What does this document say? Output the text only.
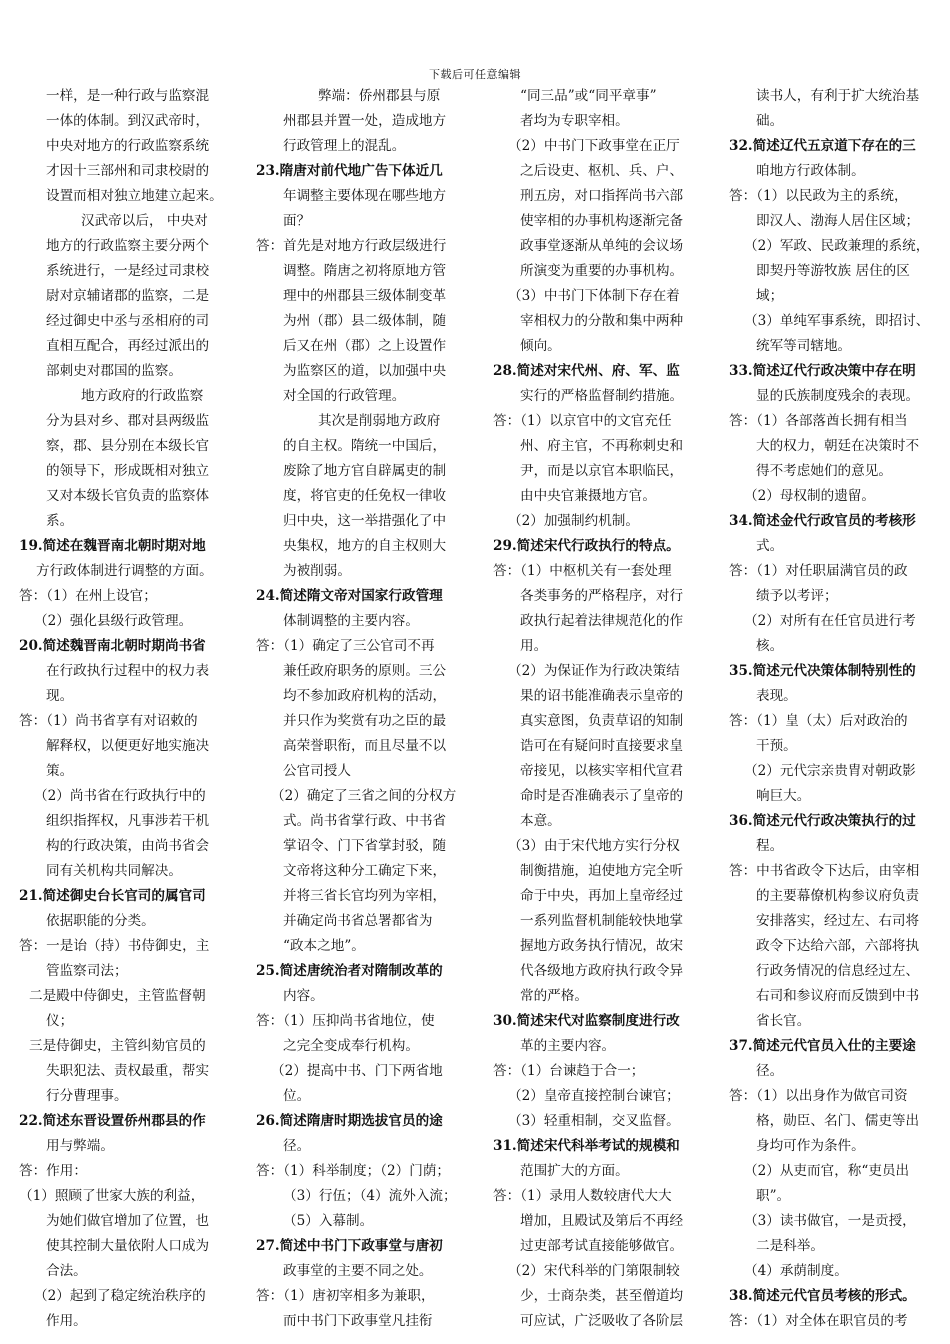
下载后可任意编辑
一样，是一种行政与监察混
一体的体制。到汉武帝时，
中央对地方的行政监察系统
才因十三部州和司隶校尉的
设置而相对独立地建立起来。
汉武帝以后， 中央对
地方的行政监察主要分两个
系统进行，一是经过司隶校
尉对京辅诸郡的监察，二是
经过御史中丞与丞相府的司
直相互配合，再经过派出的
部刺史对郡国的监察。
地方政府的行政监察
分为县对乡、郡对县两级监
察，郡、县分别在本级长官
的领导下，形成既相对独立
又对本级长官负责的监察体
系。
19.简述在魏晋南北朝时期对地
方行政体制进行调整的方面。
答：（1）在州上设官；
（2）强化县级行政管理。
20.简述魏晋南北朝时期尚书省
在行政执行过程中的权力表
现。
答：（1）尚书省享有对诏敕的
解释权，以便更好地实施决
策。
（2）尚书省在行政执行中的
组织指挥权，凡事涉若干机
构的行政决策，由尚书省会
同有关机构共同解决。
21.简述御史台长官司的属官司
依据职能的分类。
答：一是诒（持）书侍御史，主
管监察司法；
二是殿中侍御史，主管监督朝
仪；
三是侍御史，主管纠劾官员的
失职犯法、责权最重，帮实
行分曹理事。
22.简述东晋设置侨州郡县的作
用与弊端。
答：作用：
（1）照顾了世家大族的利益，
为她们做官增加了位置，也
使其控制大量依附人口成为
合法。
（2）起到了稳定统治秩序的
作用。
弊端：侨州郡县与原
州郡县并置一处，造成地方
行政管理上的混乱。
23.隋唐对前代地广告下体近几
年调整主要体现在哪些地方
面？
答：首先是对地方行政层级进行
调整。隋唐之初将原地方管
理中的州郡县三级体制变革
为州（郡）县二级体制，随
后又在州（郡）之上设置作
为监察区的道，以加强中央
对全国的行政管理。
其次是削弱地方政府
的自主权。隋统一中国后，
废除了地方官自辟属吏的制
度，将官吏的任免权一律收
归中央，这一举措强化了中
央集权，地方的自主权则大
为被削弱。
24.简述隋文帝对国家行政管理
体制调整的主要内容。
答：（1）确定了三公官司不再
兼任政府职务的原则。三公
均不参加政府机构的活动，
并只作为奖赏有功之臣的最
高荣誉职衔，而且尽量不以
公官司授人
（2）确定了三省之间的分权方
式。尚书省掌行政、中书省
掌诏令、门下省掌封驳，随
文帝将这种分工确定下来，
并将三省长官均列为宰相，
并确定尚书省总署都省为
“政本之地”。
25.简述唐统治者对隋制改革的
内容。
答：（1）压抑尚书省地位，使
之完全变成奉行机构。
（2）提高中书、门下两省地
位。
26.简述隋唐时期选拔官员的途
径。
答：（1）科举制度；（2）门荫；
（3）行伍；（4）流外入流；
（5）入幕制。
27.简述中书门下政事堂与唐初
政事堂的主要不同之处。
答：（1）唐初宰相多为兼职，
而中书门下政事堂凡挂衔
“同三品”或“同平章事”
者均为专职宰相。
（2）中书门下政事堂在正厅
之后设吏、枢机、兵、户、
刑五房，对口指挥尚书六部
使宰相的办事机构逐渐完备
政事堂逐渐从单纯的会议场
所演变为重要的办事机构。
（3）中书门下体制下存在着
宰相权力的分散和集中两种
倾向。
28.简述对宋代州、府、军、监
实行的严格监督制约措施。
答：（1）以京官中的文官充任
州、府主官，不再称刺史和
尹，而是以京官本职临民，
由中央官兼摄地方官。
（2）加强制约机制。
29.简述宋代行政执行的特点。
答：（1）中枢机关有一套处理
各类事务的严格程序，对行
政执行起着法律规范化的作
用。
（2）为保证作为行政决策结
果的诏书能准确表示皇帝的
真实意图，负责草诏的知制
诰可在有疑问时直接要求皇
帝接见，以核实宰相代宣君
命时是否准确表示了皇帝的
本意。
（3）由于宋代地方实行分权
制衡措施，迫使地方完全听
命于中央，再加上皇帝经过
一系列监督机制能较快地掌
握地方政务执行情况，故宋
代各级地方政府执行政令异
常的严格。
30.简述宋代对监察制度进行改
革的主要内容。
答：（1）台谏趋于合一；
（2）皇帝直接控制台谏官；
（3）轻重相制，交叉监督。
31.简述宋代科举考试的规模和
范围扩大的方面。
答：（1）录用人数较唐代大大
增加，且殿试及第后不再经
过吏部考试直接能够做官。
（2）宋代科举的门第限制较
少，士商杂类，甚至僧道均
可应试，广泛吸收了各阶层
读书人，有利于扩大统治基
础。
32.简述辽代五京道下存在的三
咱地方行政体制。
答：（1）以民政为主的系统，
即汉人、渤海人居住区域；
（2）军政、民政兼理的系统，
即契丹等游牧族 居住的区
域；
（3）单纯军事系统，即招讨、
统军等司辖地。
33.简述辽代行政决策中存在明
显的氏族制度残余的表现。
答：（1）各部落酋长拥有相当
大的权力，朝廷在决策时不
得不考虑她们的意见。
（2）母权制的遗留。
34.简述金代行政官员的考核形
式。
答：（1）对任职届满官员的政
绩予以考评；
（2）对所有在任官员进行考
核。
35.简述元代决策体制特别性的
表现。
答：（1）皇（太）后对政治的
干预。
（2）元代宗亲贵胄对朝政影
响巨大。
36.简述元代行政决策执行的过
程。
答：中书省政令下达后，由宰相
的主要幕僚机构参议府负责
安排落实，经过左、右司将
政令下达给六部，六部将执
行政务情况的信息经过左、
右司和参议府而反馈到中书
省长官。
37.简述元代官员入仕的主要途
径。
答：（1）以出身作为做官司资
格，勋臣、名门、儒吏等出
身均可作为条件。
（2）从吏而官，称“吏员出
职”。
（3）读书做官，一是贡授，
二是科举。
（4）承荫制度。
38.简述元代官员考核的形式。
答：（1）对全体在职官员的考
